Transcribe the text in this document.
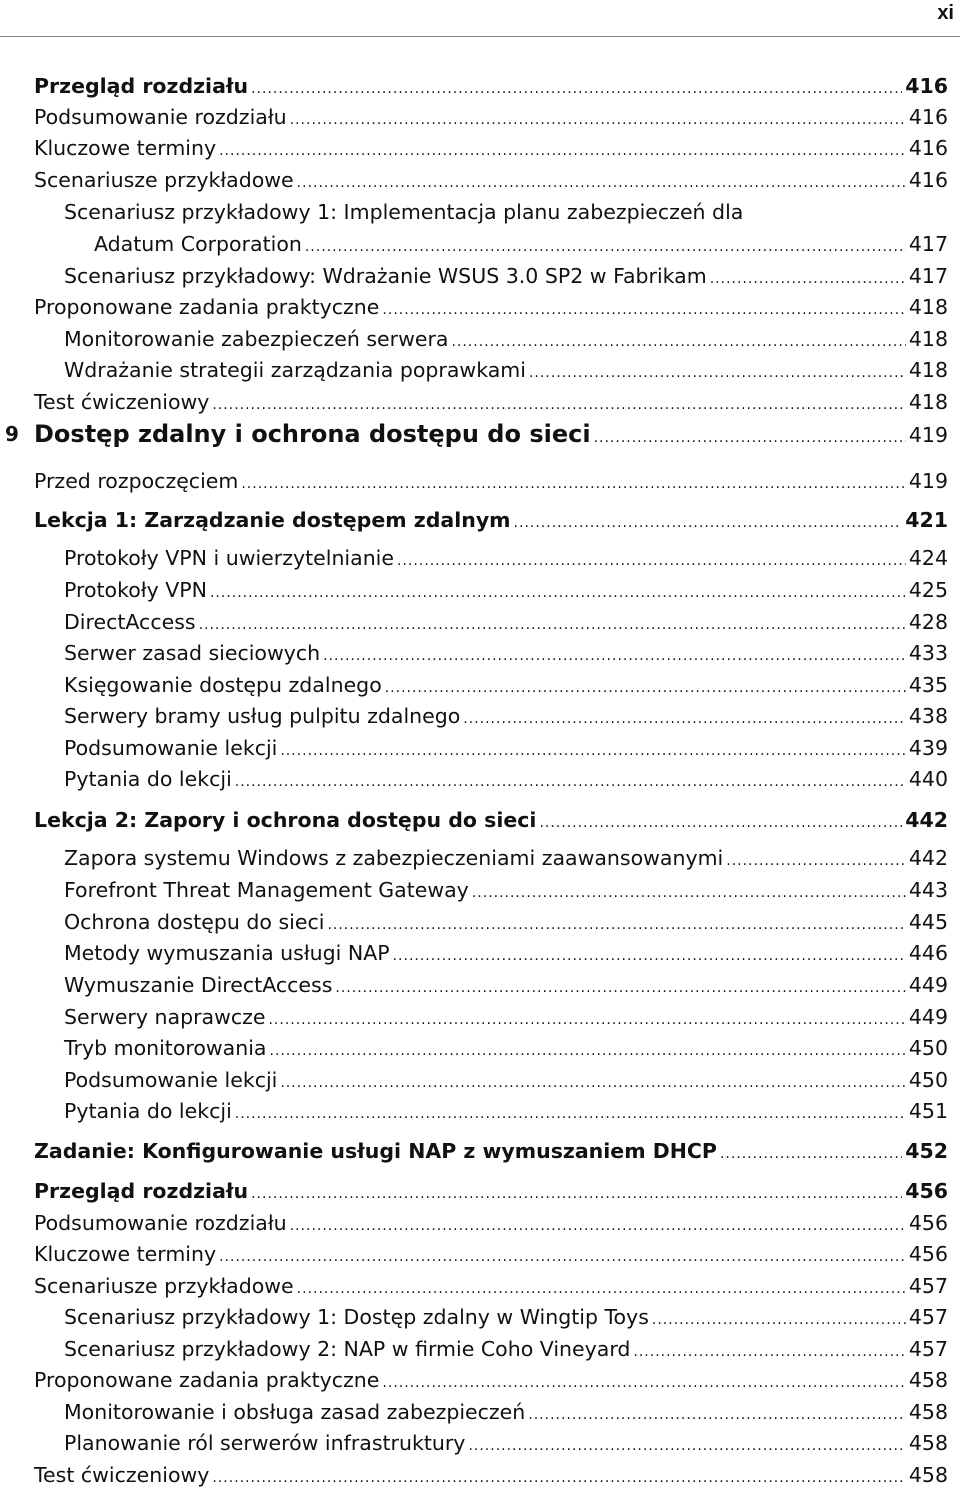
xi
Przegląd rozdziału .....	416
Podsumowanie rozdziału .....	416
Kluczowe terminy .....	416
Scenariusze przykładowe .....	416
Scenariusz przykładowy 1: Implementacja planu zabezpieczeń dla
Adatum Corporation .....	417
Scenariusz przykładowy: Wdrażanie WSUS 3.0 SP2 w Fabrikam .....	417
Proponowane zadania praktyczne .....	418
Monitorowanie zabezpieczeń serwera .....	418
Wdrażanie strategii zarządzania poprawkami .....	418
Test ćwiczeniowy .....	418
9 Dostęp zdalny i ochrona dostępu do sieci .....	419
Przed rozpoczęciem .....	419
Lekcja 1: Zarządzanie dostępem zdalnym .....	421
Protokoły VPN i uwierzytelnianie .....	424
Protokoły VPN .....	425
DirectAccess .....	428
Serwer zasad sieciowych .....	433
Księgowanie dostępu zdalnego .....	435
Serwery bramy usług pulpitu zdalnego .....	438
Podsumowanie lekcji .....	439
Pytania do lekcji .....	440
Lekcja 2: Zapory i ochrona dostępu do sieci .....	442
Zapora systemu Windows z zabezpieczeniami zaawansowanymi .....	442
Forefront Threat Management Gateway .....	443
Ochrona dostępu do sieci .....	445
Metody wymuszania usługi NAP .....	446
Wymuszanie DirectAccess .....	449
Serwery naprawcze .....	449
Tryb monitorowania .....	450
Podsumowanie lekcji .....	450
Pytania do lekcji .....	451
Zadanie: Konfigurowanie usługi NAP z wymuszaniem DHCP .....	452
Przegląd rozdziału .....	456
Podsumowanie rozdziału .....	456
Kluczowe terminy .....	456
Scenariusze przykładowe .....	457
Scenariusz przykładowy 1: Dostęp zdalny w Wingtip Toys .....	457
Scenariusz przykładowy 2: NAP w firmie Coho Vineyard .....	457
Proponowane zadania praktyczne .....	458
Monitorowanie i obsługa zasad zabezpieczeń .....	458
Planowanie ról serwerów infrastruktury .....	458
Test ćwiczeniowy .....	458
